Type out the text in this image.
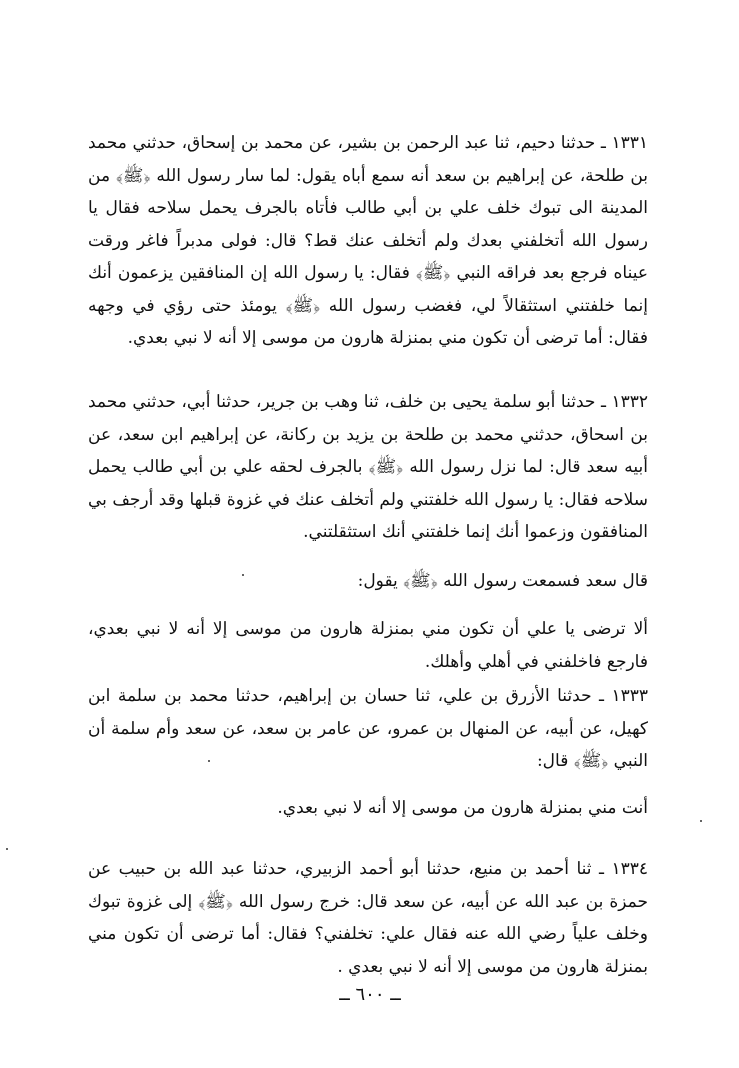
١٣٣١ ـ حدثنا دحيم، ثنا عبد الرحمن بن بشير، عن محمد بن إسحاق، حدثني محمد بن طلحة، عن إبراهيم بن سعد أنه سمع أباه يقول: لما سار رسول الله ﴿ﷺ﴾ من المدينة الى تبوك خلف علي بن أبي طالب فأتاه بالجرف يحمل سلاحه فقال يا رسول الله أتخلفني بعدك ولم أتخلف عنك قط؟ قال: فولى مدبراً فاغر ورقت عيناه فرجع بعد فراقه النبي ﴿ﷺ﴾ فقال: يا رسول الله إن المنافقين يزعمون أنك إنما خلفتني استثقالاً لي، فغضب رسول الله ﴿ﷺ﴾ يومئذ حتى رؤي في وجهه فقال: أما ترضى أن تكون مني بمنزلة هارون من موسى إلا أنه لا نبي بعدي.

١٣٣٢ ـ حدثنا أبو سلمة يحيى بن خلف، ثنا وهب بن جرير، حدثنا أبي، حدثني محمد بن اسحاق، حدثني محمد بن طلحة بن يزيد بن ركانة، عن إبراهيم ابن سعد، عن أبيه سعد قال: لما نزل رسول الله ﴿ﷺ﴾ بالجرف لحقه علي بن أبي طالب يحمل سلاحه فقال: يا رسول الله خلفتني ولم أتخلف عنك في غزوة قبلها وقد أرجف بي المنافقون وزعموا أنك إنما خلفتني أنك استثقلتني.

قال سعد فسمعت رسول الله ﴿ﷺ﴾ يقول:

ألا ترضى يا علي أن تكون مني بمنزلة هارون من موسى إلا أنه لا نبي بعدي، فارجع فاخلفني في أهلي وأهلك.

١٣٣٣ ـ حدثنا الأزرق بن علي، ثنا حسان بن إبراهيم، حدثنا محمد بن سلمة ابن كهيل، عن أبيه، عن المنهال بن عمرو، عن عامر بن سعد، عن سعد وأم سلمة أن النبي ﴿ﷺ﴾ قال:

أنت مني بمنزلة هارون من موسى إلا أنه لا نبي بعدي.

١٣٣٤ ـ ثنا أحمد بن منيع، حدثنا أبو أحمد الزبيري، حدثنا عبد الله بن حبيب عن حمزة بن عبد الله عن أبيه، عن سعد قال: خرج رسول الله ﴿ﷺ﴾ إلى غزوة تبوك وخلف علياً رضي الله عنه فقال علي: تخلفني؟ فقال: أما ترضى أن تكون مني بمنزلة هارون من موسى إلا أنه لا نبي بعدي .

ــ ٦٠٠ ــ
